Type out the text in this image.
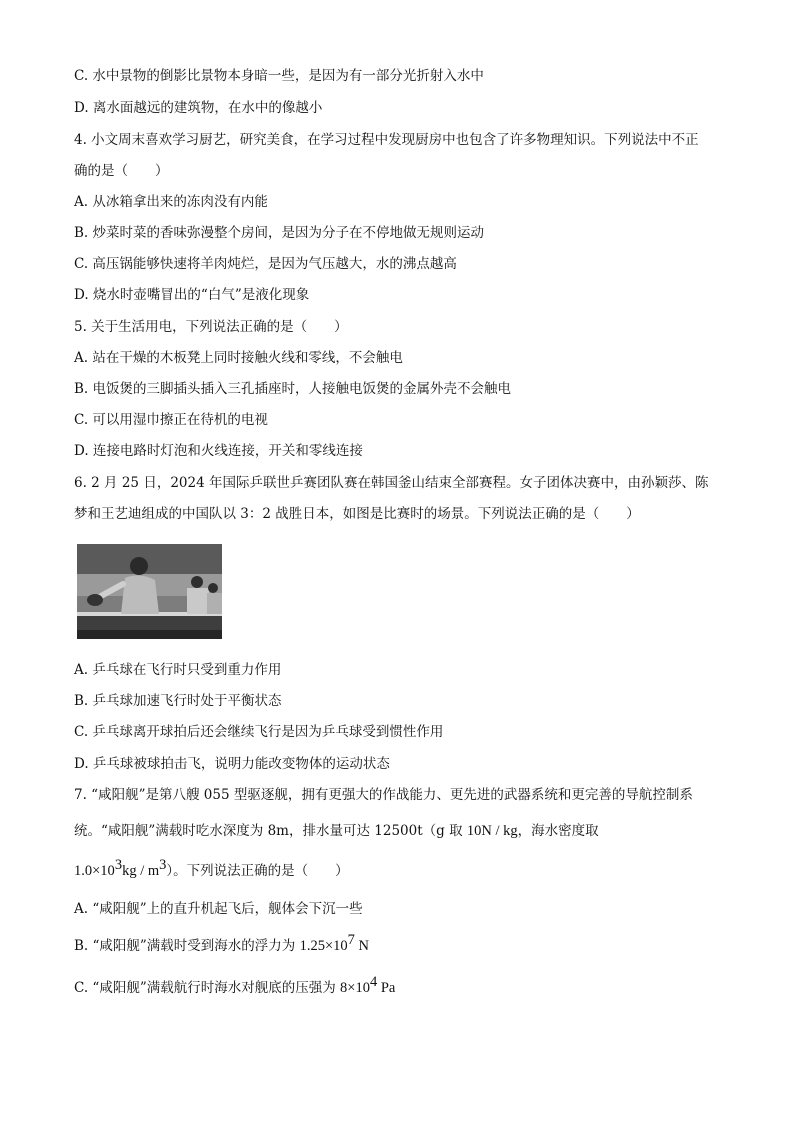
C. 水中景物的倒影比景物本身暗一些，是因为有一部分光折射入水中
D. 离水面越远的建筑物，在水中的像越小
4. 小文周末喜欢学习厨艺，研究美食，在学习过程中发现厨房中也包含了许多物理知识。下列说法中不正
确的是（　　）
A. 从冰箱拿出来的冻肉没有内能
B. 炒菜时菜的香味弥漫整个房间，是因为分子在不停地做无规则运动
C. 高压锅能够快速将羊肉炖烂，是因为气压越大，水的沸点越高
D. 烧水时壶嘴冒出的“白气”是液化现象
5. 关于生活用电，下列说法正确的是（　　）
A. 站在干燥的木板凳上同时接触火线和零线，不会触电
B. 电饭煲的三脚插头插入三孔插座时，人接触电饭煲的金属外壳不会触电
C. 可以用湿巾擦正在待机的电视
D. 连接电路时灯泡和火线连接，开关和零线连接
6. 2 月 25 日，2024 年国际乒联世乒赛团队赛在韩国釜山结束全部赛程。女子团体决赛中，由孙颖莎、陈
梦和王艺迪组成的中国队以 3：2 战胜日本，如图是比赛时的场景。下列说法正确的是（　　）
A. 乒乓球在飞行时只受到重力作用
B. 乒乓球加速飞行时处于平衡状态
C. 乒乓球离开球拍后还会继续飞行是因为乒乓球受到惯性作用
D. 乒乓球被球拍击飞，说明力能改变物体的运动状态
7. “咸阳舰”是第八艘 055 型驱逐舰，拥有更强大的作战能力、更先进的武器系统和更完善的导航控制系
统。“咸阳舰”满载时吃水深度为 8m，排水量可达 12500t（g 取 10N / kg，海水密度取
$1.0\times 10^3kg / m^3$）。下列说法正确的是（　　）
A. “咸阳舰”上的直升机起飞后，舰体会下沉一些
B. “咸阳舰”满载时受到海水的浮力为 $1.25\times 10^7$ N
C. “咸阳舰”满载航行时海水对舰底的压强为 $8\times 10^4$ Pa
